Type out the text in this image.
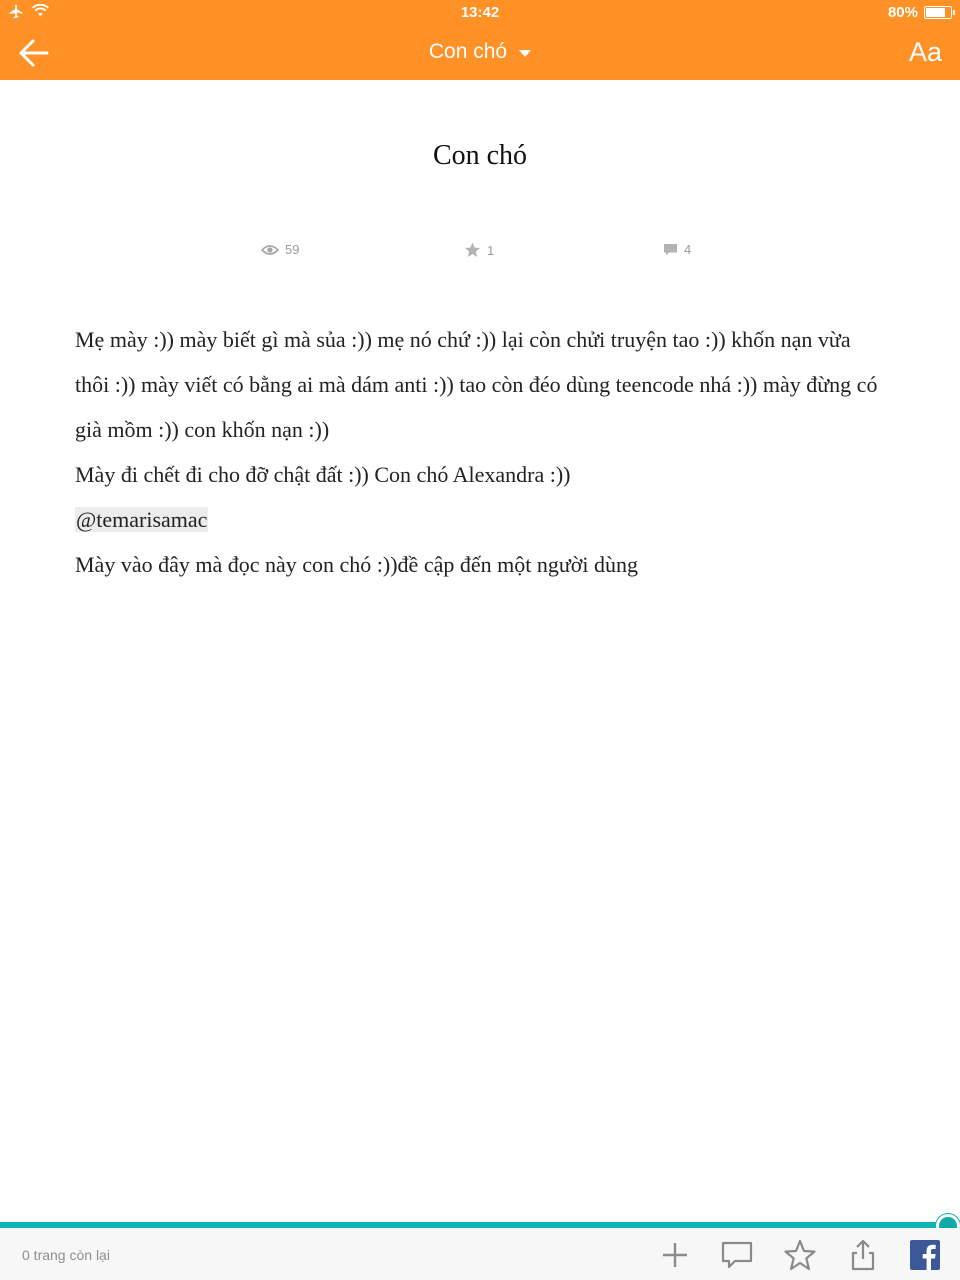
13:42	80%
Con chó	Aa
Con chó
59	1	4

Mẹ mày :)) mày biết gì mà sủa :)) mẹ nó chứ :)) lại còn chửi truyện tao :)) khốn nạn vừa thôi :)) mày viết có bằng ai mà dám anti :)) tao còn đéo dùng teencode nhá :)) mày đừng có già mồm :)) con khốn nạn :))

Mày đi chết đi cho đỡ chật đất :)) Con chó Alexandra :))

@temarisamac

Mày vào đây mà đọc này con chó :))đề cập đến một người dùng

0 trang còn lại
